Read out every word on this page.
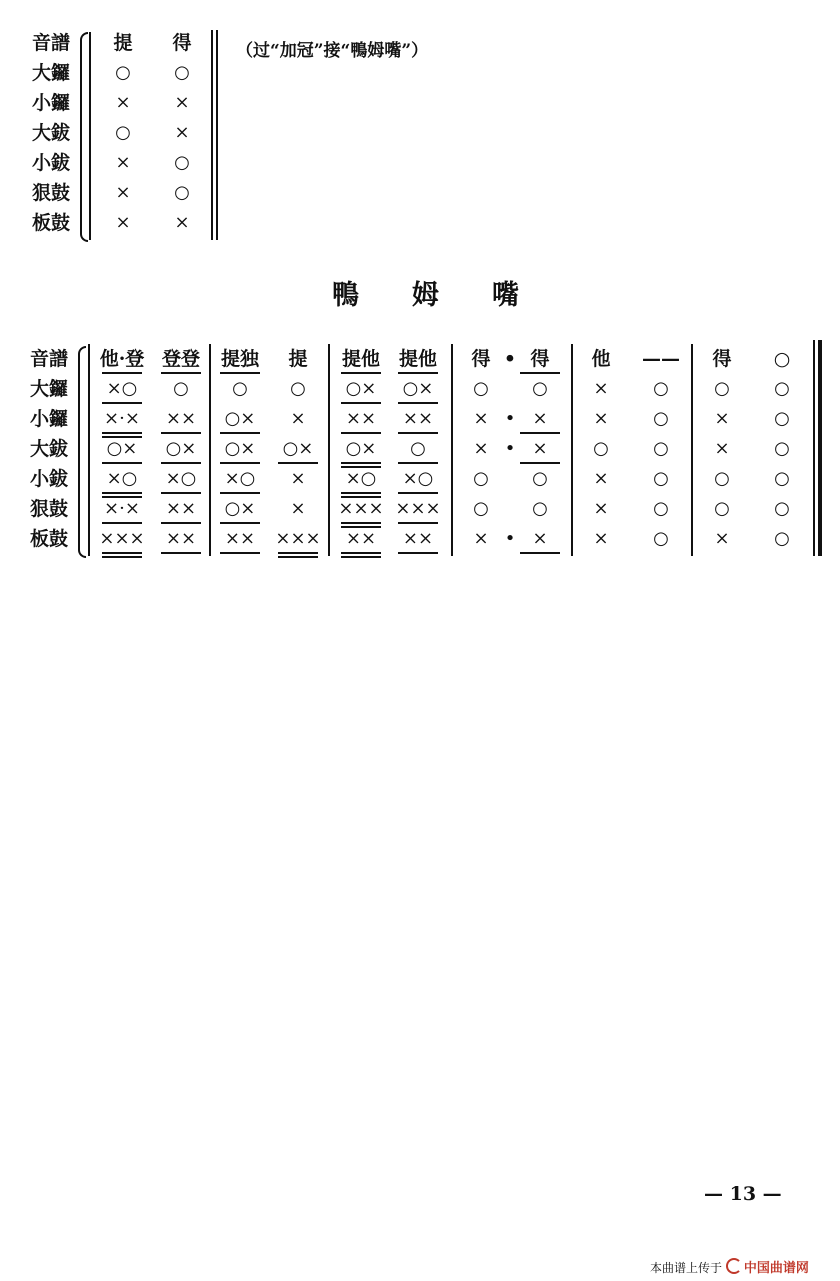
音譜
大鑼
小鑼
大鈸
小鈸
狠鼓
板鼓
提
○
×
○
×
×
×
得
○
×
×
○
○
×
（过“加冠”接“鴨姆嘴”）
鴨 姆 嘴
音譜
大鑼
小鑼
大鈸
小鈸
狠鼓
板鼓
他·登
×○
×·×
○×
×○
×·×
×××
登登
○
××
○×
×○
××
××
提独
○
○×
○×
×○
○×
××
提
○
×
○×
×
×
×××
提他
○×
××
○×
×○
×××
××
提他
○×
××
○
×○
×××
××
得
○
×
×
○
○
×
•
•
•
•
得
○
×
×
○
○
×
他
×
×
○
×
×
×
——
○
○
○
○
○
○
得
○
×
×
○
○
×
○
○
○
○
○
○
○
— 13 —
本曲谱上传于 中国曲谱网
